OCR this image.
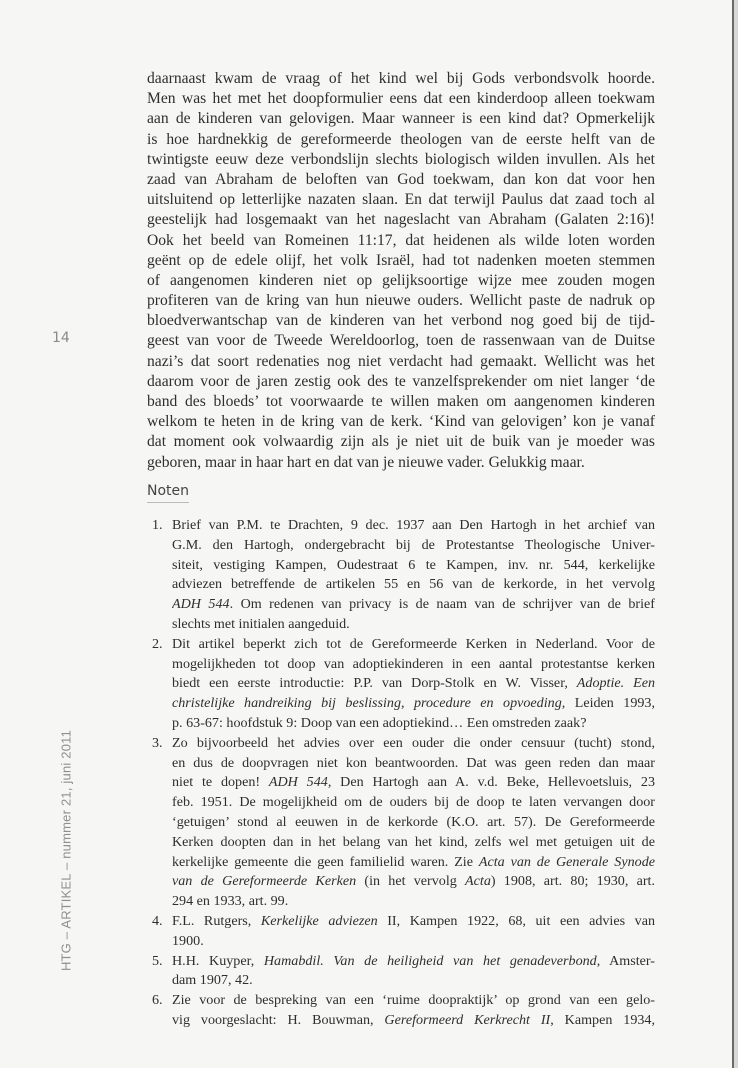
14
HTG – ARTIKEL – nummer 21, juni 2011
daarnaast kwam de vraag of het kind wel bij Gods verbondsvolk hoorde.
Men was het met het doopformulier eens dat een kinderdoop alleen toekwam
aan de kinderen van gelovigen. Maar wanneer is een kind dat? Opmerkelijk
is hoe hardnekkig de gereformeerde theologen van de eerste helft van de
twintigste eeuw deze verbondslijn slechts biologisch wilden invullen. Als het
zaad van Abraham de beloften van God toekwam, dan kon dat voor hen
uitsluitend op letterlijke nazaten slaan. En dat terwijl Paulus dat zaad toch al
geestelijk had losgemaakt van het nageslacht van Abraham (Galaten 2:16)!
Ook het beeld van Romeinen 11:17, dat heidenen als wilde loten worden
geënt op de edele olijf, het volk Israël, had tot nadenken moeten stemmen
of aangenomen kinderen niet op gelijksoortige wijze mee zouden mogen
profiteren van de kring van hun nieuwe ouders. Wellicht paste de nadruk op
bloedverwantschap van de kinderen van het verbond nog goed bij de tijd-
geest van voor de Tweede Wereldoorlog, toen de rassenwaan van de Duitse
nazi’s dat soort redenaties nog niet verdacht had gemaakt. Wellicht was het
daarom voor de jaren zestig ook des te vanzelfsprekender om niet langer ‘de
band des bloeds’ tot voorwaarde te willen maken om aangenomen kinderen
welkom te heten in de kring van de kerk. ‘Kind van gelovigen’ kon je vanaf
dat moment ook volwaardig zijn als je niet uit de buik van je moeder was
geboren, maar in haar hart en dat van je nieuwe vader. Gelukkig maar.
Noten
1. Brief van P.M. te Drachten, 9 dec. 1937 aan Den Hartogh in het archief van
G.M. den Hartogh, ondergebracht bij de Protestantse Theologische Univer-
siteit, vestiging Kampen, Oudestraat 6 te Kampen, inv. nr. 544, kerkelijke
adviezen betreffende de artikelen 55 en 56 van de kerkorde, in het vervolg
ADH 544. Om redenen van privacy is de naam van de schrijver van de brief
slechts met initialen aangeduid.
2. Dit artikel beperkt zich tot de Gereformeerde Kerken in Nederland. Voor de
mogelijkheden tot doop van adoptiekinderen in een aantal protestantse kerken
biedt een eerste introductie: P.P. van Dorp-Stolk en W. Visser, Adoptie. Een
christelijke handreiking bij beslissing, procedure en opvoeding, Leiden 1993,
p. 63-67: hoofdstuk 9: Doop van een adoptiekind… Een omstreden zaak?
3. Zo bijvoorbeeld het advies over een ouder die onder censuur (tucht) stond,
en dus de doopvragen niet kon beantwoorden. Dat was geen reden dan maar
niet te dopen! ADH 544, Den Hartogh aan A. v.d. Beke, Hellevoetsluis, 23
feb. 1951. De mogelijkheid om de ouders bij de doop te laten vervangen door
‘getuigen’ stond al eeuwen in de kerkorde (K.O. art. 57). De Gereformeerde
Kerken doopten dan in het belang van het kind, zelfs wel met getuigen uit de
kerkelijke gemeente die geen familielid waren. Zie Acta van de Generale Synode
van de Gereformeerde Kerken (in het vervolg Acta) 1908, art. 80; 1930, art.
294 en 1933, art. 99.
4. F.L. Rutgers, Kerkelijke adviezen II, Kampen 1922, 68, uit een advies van
1900.
5. H.H. Kuyper, Hamabdil. Van de heiligheid van het genadeverbond, Amster-
dam 1907, 42.
6. Zie voor de bespreking van een ‘ruime doopraktijk’ op grond van een gelo-
vig voorgeslacht: H. Bouwman, Gereformeerd Kerkrecht II, Kampen 1934,
